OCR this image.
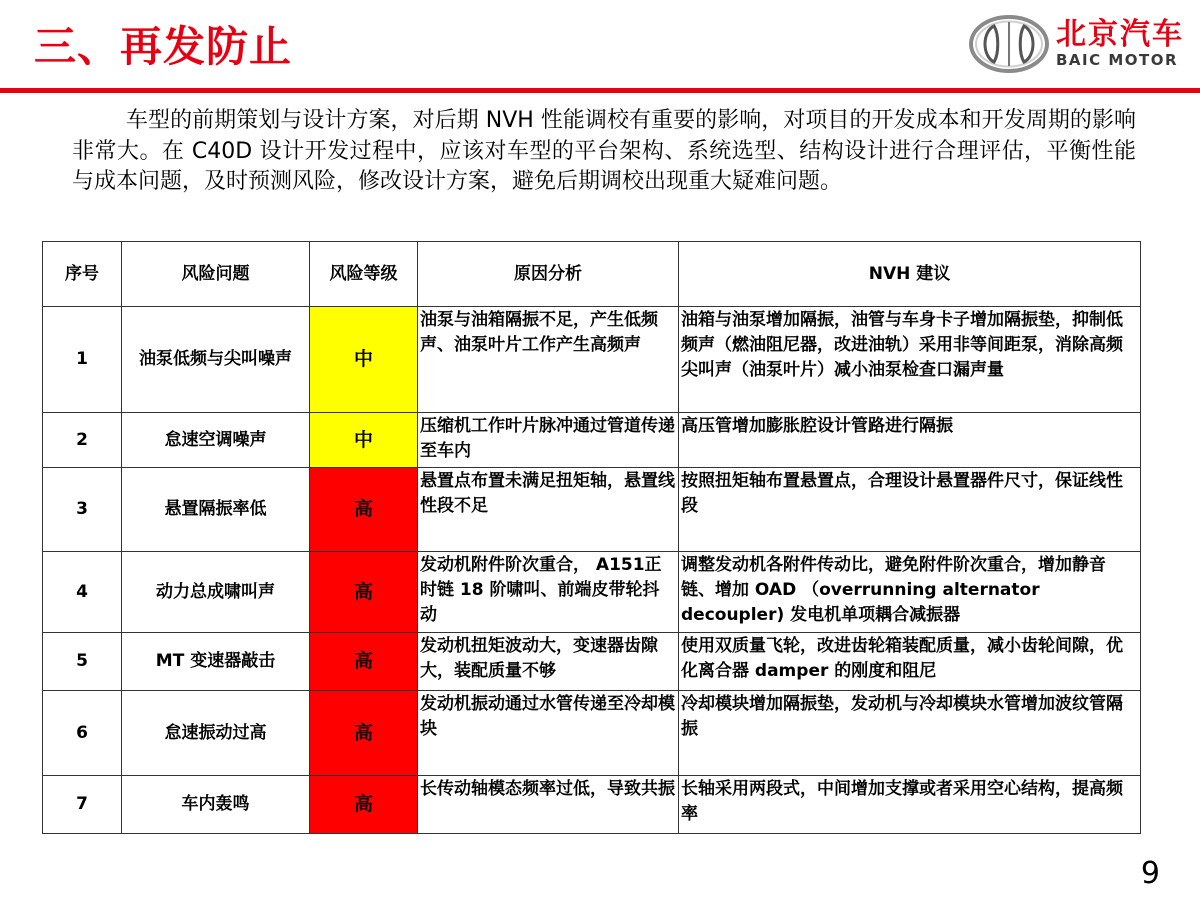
三、再发防止	北京汽车
BAIC MOTOR
车型的前期策划与设计方案，对后期 NVH 性能调校有重要的影响，对项目的开发成本和开发周期的影响非常大。在 C40D 设计开发过程中，应该对车型的平台架构、系统选型、结构设计进行合理评估，平衡性能与成本问题，及时预测风险，修改设计方案，避免后期调校出现重大疑难问题。
序号	风险问题	风险等级	原因分析	NVH 建议
1	油泵低频与尖叫噪声	中	油泵与油箱隔振不足，产生低频声、油泵叶片工作产生高频声	油箱与油泵增加隔振，油管与车身卡子增加隔振垫，抑制低频声（燃油阻尼器，改进油轨）采用非等间距泵，消除高频尖叫声（油泵叶片）减小油泵检查口漏声量
2	怠速空调噪声	中	压缩机工作叶片脉冲通过管道传递至车内	高压管增加膨胀腔设计管路进行隔振
3	悬置隔振率低	高	悬置点布置未满足扭矩轴，悬置线性段不足	按照扭矩轴布置悬置点，合理设计悬置器件尺寸，保证线性段
4	动力总成啸叫声	高	发动机附件阶次重合， A151正时链 18 阶啸叫、前端皮带轮抖动	调整发动机各附件传动比，避免附件阶次重合，增加静音链、增加 OAD （overrunning alternator decoupler) 发电机单项耦合减振器
5	MT 变速器敲击	高	发动机扭矩波动大，变速器齿隙大，装配质量不够	使用双质量飞轮，改进齿轮箱装配质量，减小齿轮间隙，优化离合器 damper 的刚度和阻尼
6	怠速振动过高	高	发动机振动通过水管传递至冷却模块	冷却模块增加隔振垫，发动机与冷却模块水管增加波纹管隔振
7	车内轰鸣	高	长传动轴模态频率过低，导致共振	长轴采用两段式，中间增加支撑或者采用空心结构，提高频率
9
